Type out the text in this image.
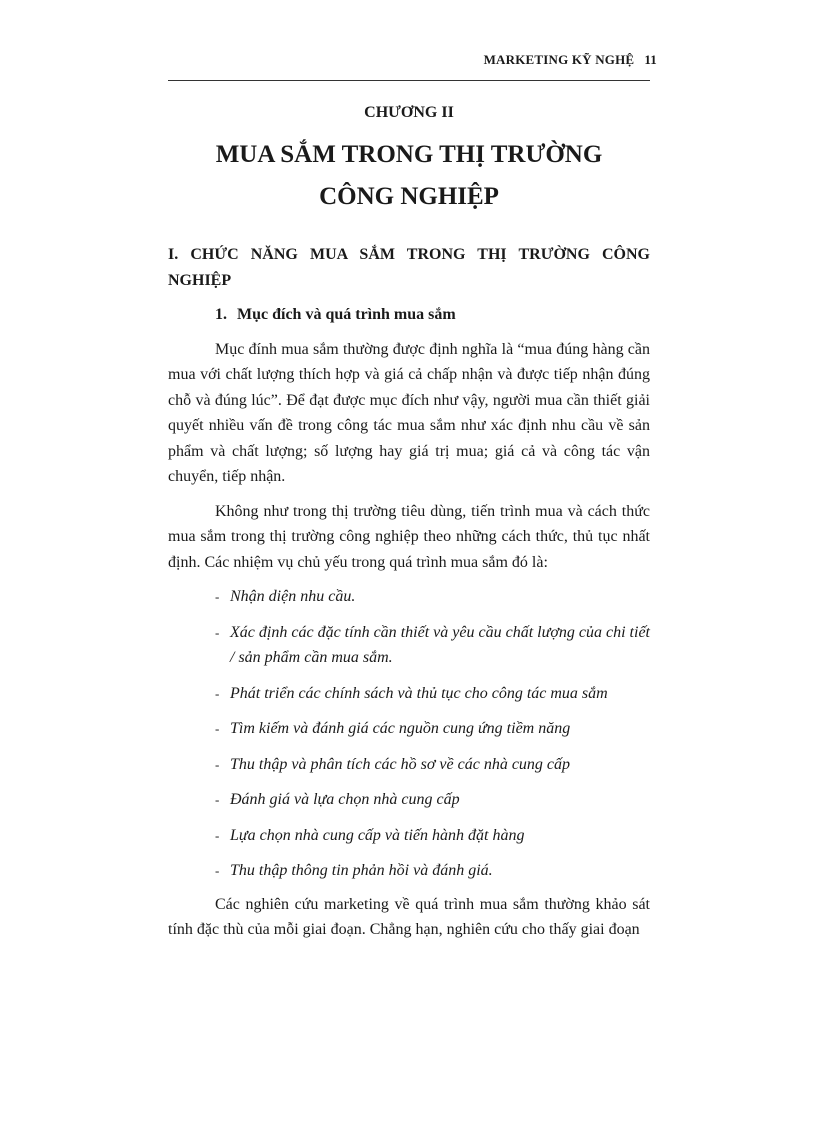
MARKETING KỸ NGHỆ 11
CHƯƠNG II
MUA SẮM TRONG THỊ TRƯỜNG
CÔNG NGHIỆP
I. CHỨC NĂNG MUA SẮM TRONG THỊ TRƯỜNG CÔNG NGHIỆP
1. Mục đích và quá trình mua sắm

Mục đính mua sắm thường được định nghĩa là “mua đúng hàng cần mua với chất lượng thích hợp và giá cả chấp nhận và được tiếp nhận đúng chỗ và đúng lúc”. Để đạt được mục đích như vậy, người mua cần thiết giải quyết nhiều vấn đề trong công tác mua sắm như xác định nhu cầu về sản phẩm và chất lượng; số lượng hay giá trị mua; giá cả và công tác vận chuyển, tiếp nhận.

Không như trong thị trường tiêu dùng, tiến trình mua và cách thức mua sắm trong thị trường công nghiệp theo những cách thức, thủ tục nhất định. Các nhiệm vụ chủ yếu trong quá trình mua sắm đó là:

- Nhận diện nhu cầu.
- Xác định các đặc tính cần thiết và yêu cầu chất lượng của chi tiết / sản phẩm cần mua sắm.
- Phát triển các chính sách và thủ tục cho công tác mua sắm
- Tìm kiếm và đánh giá các nguồn cung ứng tiềm năng
- Thu thập và phân tích các hồ sơ về các nhà cung cấp
- Đánh giá và lựa chọn nhà cung cấp
- Lựa chọn nhà cung cấp và tiến hành đặt hàng
- Thu thập thông tin phản hồi và đánh giá.

Các nghiên cứu marketing về quá trình mua sắm thường khảo sát tính đặc thù của mỗi giai đoạn. Chẳng hạn, nghiên cứu cho thấy giai đoạn
